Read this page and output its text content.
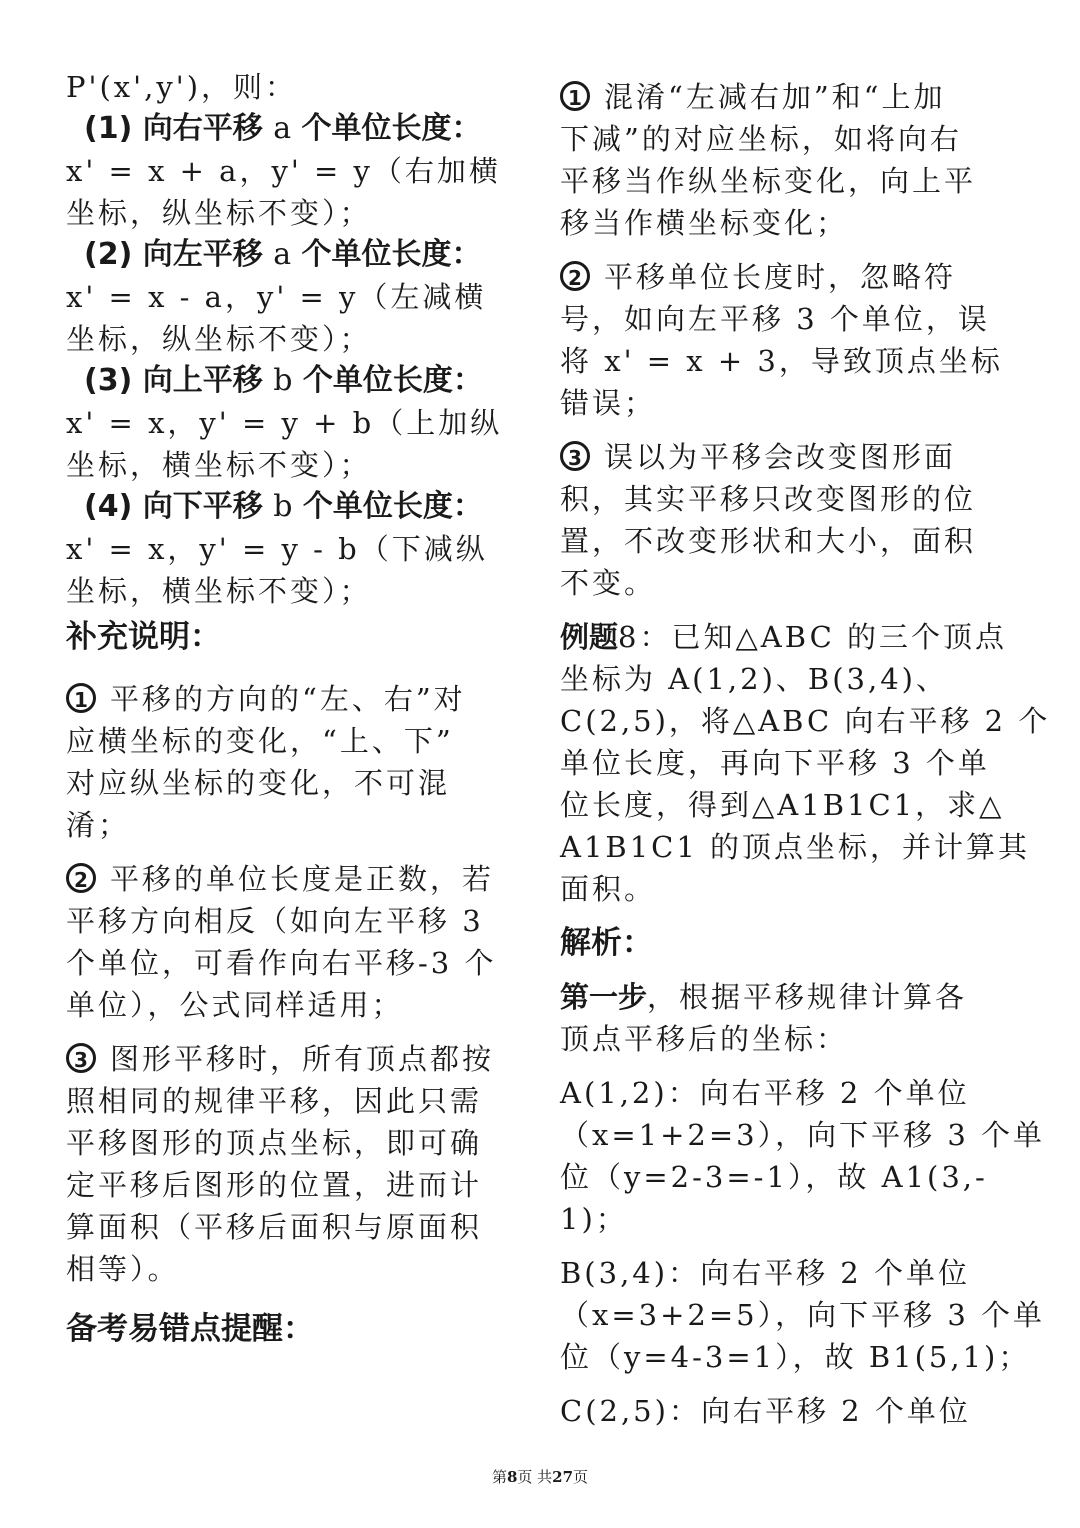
P'(x',y')，则：
(1) 向右平移 a 个单位长度：
x' = x + a，y' = y（右加横
坐标，纵坐标不变）；
(2) 向左平移 a 个单位长度：
x' = x - a，y' = y（左减横
坐标，纵坐标不变）；
(3) 向上平移 b 个单位长度：
x' = x，y' = y + b（上加纵
坐标，横坐标不变）；
(4) 向下平移 b 个单位长度：
x' = x，y' = y - b（下减纵
坐标，横坐标不变）；
补充说明：
1 平移的方向的“左、右”对
应横坐标的变化，“上、下”
对应纵坐标的变化，不可混
淆；
2 平移的单位长度是正数，若
平移方向相反（如向左平移 3
个单位，可看作向右平移-3 个
单位），公式同样适用；
3 图形平移时，所有顶点都按
照相同的规律平移，因此只需
平移图形的顶点坐标，即可确
定平移后图形的位置，进而计
算面积（平移后面积与原面积
相等）。
备考易错点提醒：
1 混淆“左减右加”和“上加
下减”的对应坐标，如将向右
平移当作纵坐标变化，向上平
移当作横坐标变化；
2 平移单位长度时，忽略符
号，如向左平移 3 个单位，误
将 x' = x + 3，导致顶点坐标
错误；
3 误以为平移会改变图形面
积，其实平移只改变图形的位
置，不改变形状和大小，面积
不变。
例题8：已知△ABC 的三个顶点
坐标为 A(1,2)、B(3,4)、
C(2,5)，将△ABC 向右平移 2 个
单位长度，再向下平移 3 个单
位长度，得到△A1B1C1，求△
A1B1C1 的顶点坐标，并计算其
面积。
解析：
第一步，根据平移规律计算各
顶点平移后的坐标：
A(1,2)：向右平移 2 个单位
（x=1+2=3），向下平移 3 个单
位（y=2-3=-1），故 A1(3,-
1)；
B(3,4)：向右平移 2 个单位
（x=3+2=5），向下平移 3 个单
位（y=4-3=1），故 B1(5,1)；
C(2,5)：向右平移 2 个单位
第8页 共27页
